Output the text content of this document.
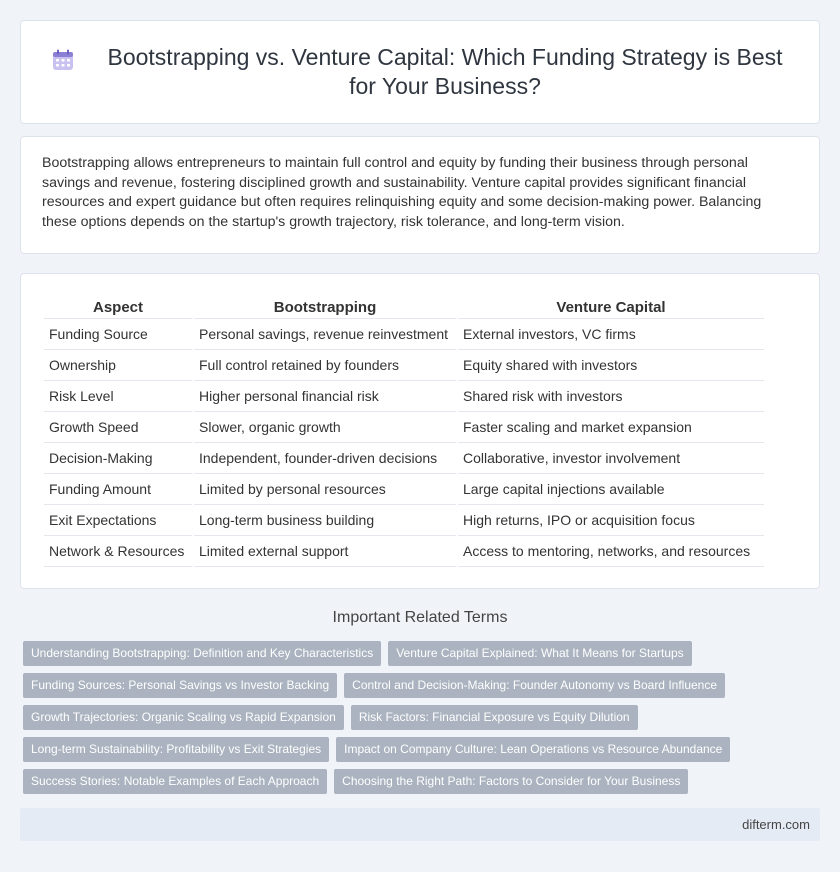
Bootstrapping vs. Venture Capital: Which Funding Strategy is Best for Your Business?

Bootstrapping allows entrepreneurs to maintain full control and equity by funding their business through personal savings and revenue, fostering disciplined growth and sustainability. Venture capital provides significant financial resources and expert guidance but often requires relinquishing equity and some decision-making power. Balancing these options depends on the startup's growth trajectory, risk tolerance, and long-term vision.

Aspect	Bootstrapping	Venture Capital
Funding Source	Personal savings, revenue reinvestment	External investors, VC firms
Ownership	Full control retained by founders	Equity shared with investors
Risk Level	Higher personal financial risk	Shared risk with investors
Growth Speed	Slower, organic growth	Faster scaling and market expansion
Decision-Making	Independent, founder-driven decisions	Collaborative, investor involvement
Funding Amount	Limited by personal resources	Large capital injections available
Exit Expectations	Long-term business building	High returns, IPO or acquisition focus
Network & Resources	Limited external support	Access to mentoring, networks, and resources
Important Related Terms
Understanding Bootstrapping: Definition and Key Characteristics	Venture Capital Explained: What It Means for Startups
Funding Sources: Personal Savings vs Investor Backing	Control and Decision-Making: Founder Autonomy vs Board Influence
Growth Trajectories: Organic Scaling vs Rapid Expansion	Risk Factors: Financial Exposure vs Equity Dilution
Long-term Sustainability: Profitability vs Exit Strategies	Impact on Company Culture: Lean Operations vs Resource Abundance
Success Stories: Notable Examples of Each Approach	Choosing the Right Path: Factors to Consider for Your Business
difterm.com
